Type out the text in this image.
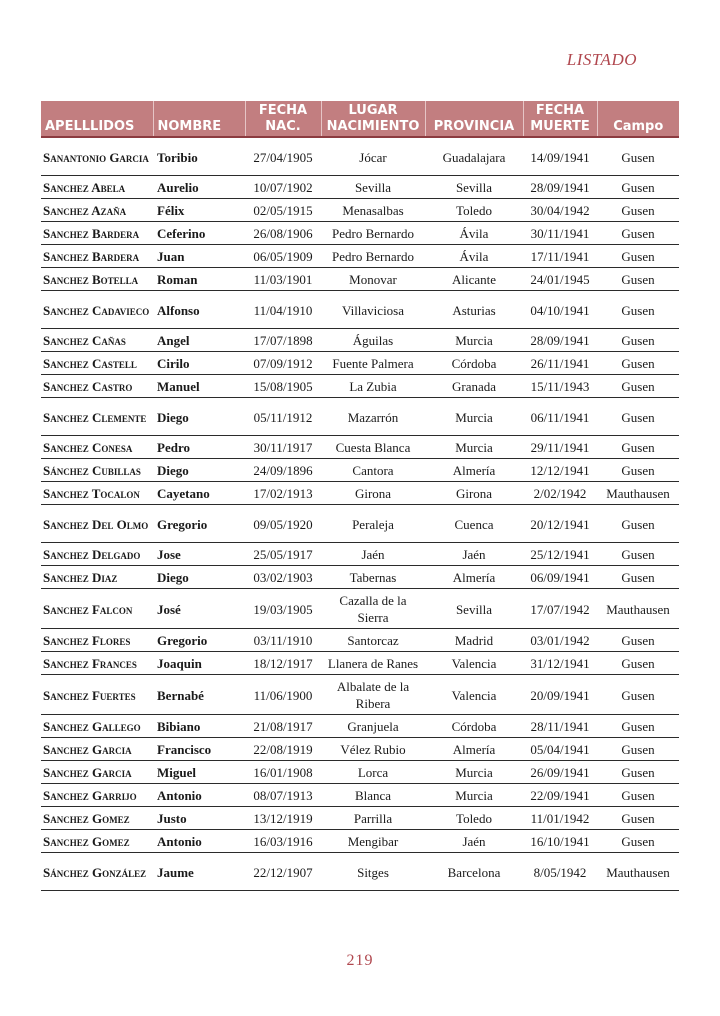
LISTADO
APELLLIDOS	NOMBRE	FECHA NAC.	LUGAR NACIMIENTO	PROVINCIA	FECHA MUERTE	Campo
Sanantonio Garcia	Toribio	27/04/1905	Jócar	Guadalajara	14/09/1941	Gusen
Sanchez Abela	Aurelio	10/07/1902	Sevilla	Sevilla	28/09/1941	Gusen
Sanchez Azaña	Félix	02/05/1915	Menasalbas	Toledo	30/04/1942	Gusen
Sanchez Bardera	Ceferino	26/08/1906	Pedro Bernardo	Ávila	30/11/1941	Gusen
Sanchez Bardera	Juan	06/05/1909	Pedro Bernardo	Ávila	17/11/1941	Gusen
Sanchez Botella	Roman	11/03/1901	Monovar	Alicante	24/01/1945	Gusen
Sanchez Cadavieco	Alfonso	11/04/1910	Villaviciosa	Asturias	04/10/1941	Gusen
Sanchez Cañas	Angel	17/07/1898	Águilas	Murcia	28/09/1941	Gusen
Sanchez Castell	Cirilo	07/09/1912	Fuente Palmera	Córdoba	26/11/1941	Gusen
Sanchez Castro	Manuel	15/08/1905	La Zubia	Granada	15/11/1943	Gusen
Sanchez Clemente	Diego	05/11/1912	Mazarrón	Murcia	06/11/1941	Gusen
Sanchez Conesa	Pedro	30/11/1917	Cuesta Blanca	Murcia	29/11/1941	Gusen
Sánchez Cubillas	Diego	24/09/1896	Cantora	Almería	12/12/1941	Gusen
Sanchez Tocalon	Cayetano	17/02/1913	Girona	Girona	2/02/1942	Mauthausen
Sanchez Del Olmo	Gregorio	09/05/1920	Peraleja	Cuenca	20/12/1941	Gusen
Sanchez Delgado	Jose	25/05/1917	Jaén	Jaén	25/12/1941	Gusen
Sanchez Diaz	Diego	03/02/1903	Tabernas	Almería	06/09/1941	Gusen
Sanchez Falcon	José	19/03/1905	Cazalla de la Sierra	Sevilla	17/07/1942	Mauthausen
Sanchez Flores	Gregorio	03/11/1910	Santorcaz	Madrid	03/01/1942	Gusen
Sanchez Frances	Joaquin	18/12/1917	Llanera de Ranes	Valencia	31/12/1941	Gusen
Sanchez Fuertes	Bernabé	11/06/1900	Albalate de la Ribera	Valencia	20/09/1941	Gusen
Sanchez Gallego	Bibiano	21/08/1917	Granjuela	Córdoba	28/11/1941	Gusen
Sanchez Garcia	Francisco	22/08/1919	Vélez Rubio	Almería	05/04/1941	Gusen
Sanchez Garcia	Miguel	16/01/1908	Lorca	Murcia	26/09/1941	Gusen
Sanchez Garrijo	Antonio	08/07/1913	Blanca	Murcia	22/09/1941	Gusen
Sanchez Gomez	Justo	13/12/1919	Parrilla	Toledo	11/01/1942	Gusen
Sanchez Gomez	Antonio	16/03/1916	Mengibar	Jaén	16/10/1941	Gusen
Sánchez González	Jaume	22/12/1907	Sitges	Barcelona	8/05/1942	Mauthausen
219
